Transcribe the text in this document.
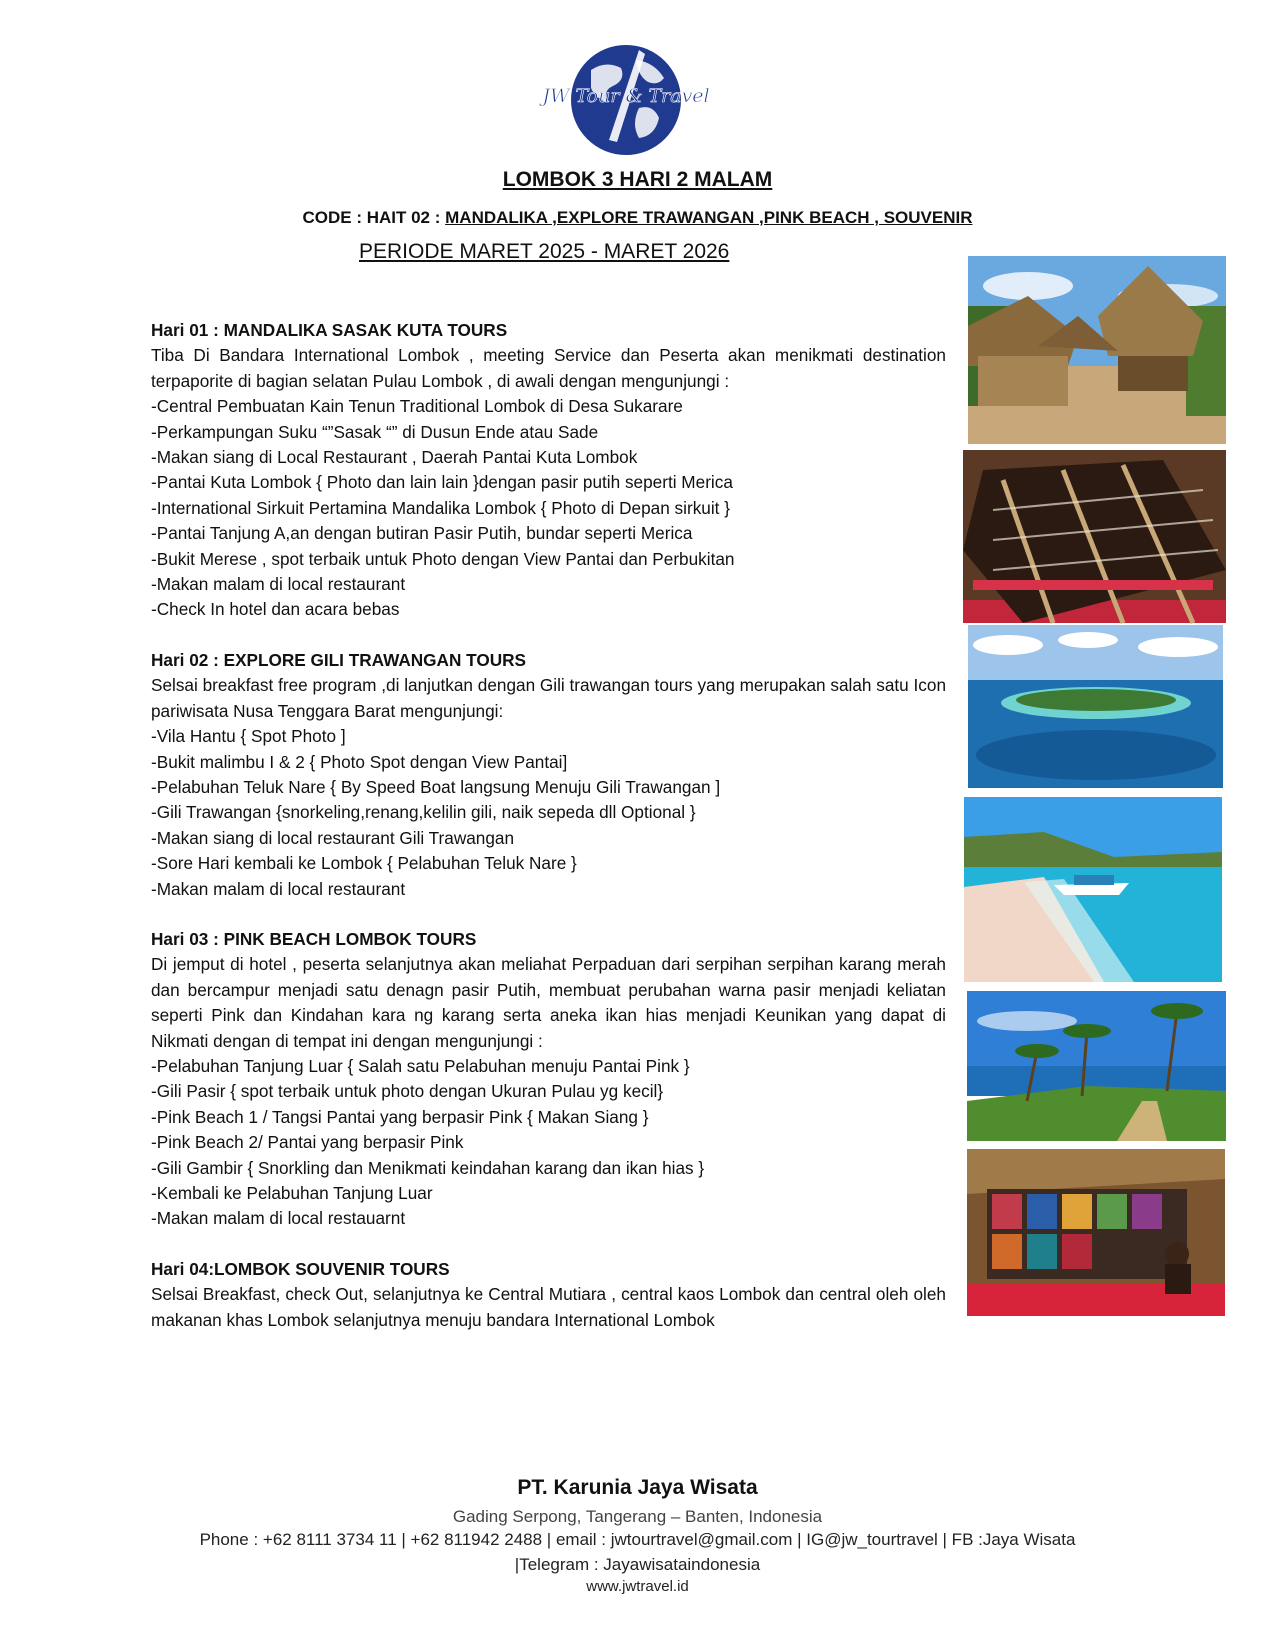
JW Tour & Travel
LOMBOK 3 HARI 2 MALAM
CODE : HAIT 02 : MANDALIKA ,EXPLORE TRAWANGAN ,PINK BEACH , SOUVENIR
PERIODE MARET 2025 - MARET 2026
Hari 01 : MANDALIKA SASAK KUTA TOURS

Tiba Di Bandara International Lombok , meeting Service dan Peserta akan menikmati destination terpaporite di bagian selatan Pulau Lombok , di awali dengan mengunjungi :

-Central Pembuatan Kain Tenun Traditional Lombok di Desa Sukarare
-Perkampungan Suku “”Sasak “” di Dusun Ende atau Sade
-Makan siang di Local Restaurant , Daerah Pantai Kuta Lombok
-Pantai Kuta Lombok { Photo dan lain lain }dengan pasir putih seperti Merica
-International Sirkuit Pertamina Mandalika Lombok { Photo di Depan sirkuit }
-Pantai Tanjung A,an dengan butiran Pasir Putih, bundar seperti Merica
-Bukit Merese , spot terbaik untuk Photo dengan View Pantai dan Perbukitan
-Makan malam di local restaurant
-Check In hotel dan acara bebas
Hari 02 : EXPLORE GILI TRAWANGAN TOURS

Selsai breakfast free program ,di lanjutkan dengan Gili trawangan tours yang merupakan salah satu Icon pariwisata Nusa Tenggara Barat mengunjungi:

-Vila Hantu { Spot Photo ]
-Bukit malimbu I & 2 { Photo Spot dengan View Pantai]
-Pelabuhan Teluk Nare { By Speed Boat langsung Menuju Gili Trawangan ]
-Gili Trawangan {snorkeling,renang,kelilin gili, naik sepeda dll Optional }
-Makan siang di local restaurant Gili Trawangan
-Sore Hari kembali ke Lombok { Pelabuhan Teluk Nare }
-Makan malam di local restaurant
Hari 03 : PINK BEACH LOMBOK TOURS

Di jemput di hotel , peserta selanjutnya akan meliahat Perpaduan dari serpihan serpihan karang merah dan bercampur menjadi satu denagn pasir Putih, membuat perubahan warna pasir menjadi keliatan seperti Pink dan Kindahan kara ng karang serta aneka ikan hias menjadi Keunikan yang dapat di Nikmati dengan di tempat ini dengan mengunjungi :

-Pelabuhan Tanjung Luar { Salah satu Pelabuhan menuju Pantai Pink }
-Gili Pasir { spot terbaik untuk photo dengan Ukuran Pulau yg kecil}
-Pink Beach 1 / Tangsi Pantai yang berpasir Pink { Makan Siang }
-Pink Beach 2/ Pantai yang berpasir Pink
-Gili Gambir { Snorkling dan Menikmati keindahan karang dan ikan hias }
-Kembali ke Pelabuhan Tanjung Luar
-Makan malam di local restauarnt
Hari 04:LOMBOK SOUVENIR TOURS

Selsai Breakfast, check Out, selanjutnya ke Central Mutiara , central kaos Lombok dan central oleh oleh makanan khas Lombok selanjutnya menuju bandara International Lombok

PT. Karunia Jaya Wisata
Gading Serpong, Tangerang – Banten, Indonesia
Phone : +62 8111 3734 11 | +62 811942 2488 | email : jwtourtravel@gmail.com | IG@jw_tourtravel | FB :Jaya Wisata
|Telegram : Jayawisataindonesia
www.jwtravel.id
